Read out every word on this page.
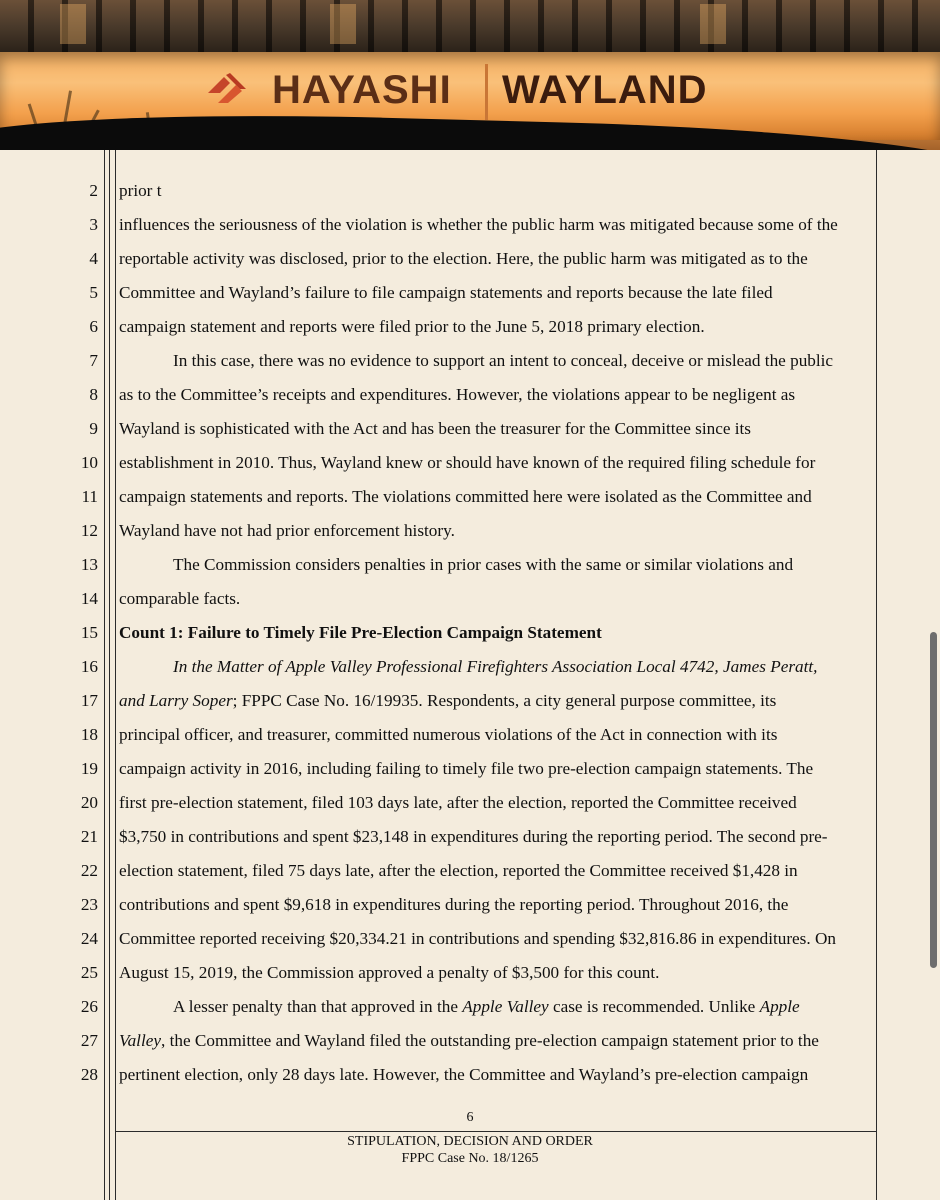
HAYASHI WAYLAND
2 prior t
3 influences the seriousness of the violation is whether the public harm was mitigated because some of the
4 reportable activity was disclosed, prior to the election. Here, the public harm was mitigated as to the
5 Committee and Wayland’s failure to file campaign statements and reports because the late filed
6 campaign statement and reports were filed prior to the June 5, 2018 primary election.
7	In this case, there was no evidence to support an intent to conceal, deceive or mislead the public
8 as to the Committee’s receipts and expenditures. However, the violations appear to be negligent as
9 Wayland is sophisticated with the Act and has been the treasurer for the Committee since its
10 establishment in 2010. Thus, Wayland knew or should have known of the required filing schedule for
11 campaign statements and reports. The violations committed here were isolated as the Committee and
12 Wayland have not had prior enforcement history.
13	The Commission considers penalties in prior cases with the same or similar violations and
14 comparable facts.
15 Count 1: Failure to Timely File Pre-Election Campaign Statement
16	In the Matter of Apple Valley Professional Firefighters Association Local 4742, James Peratt,
17 and Larry Soper; FPPC Case No. 16/19935. Respondents, a city general purpose committee, its
18 principal officer, and treasurer, committed numerous violations of the Act in connection with its
19 campaign activity in 2016, including failing to timely file two pre-election campaign statements. The
20 first pre-election statement, filed 103 days late, after the election, reported the Committee received
21 $3,750 in contributions and spent $23,148 in expenditures during the reporting period. The second pre-
22 election statement, filed 75 days late, after the election, reported the Committee received $1,428 in
23 contributions and spent $9,618 in expenditures during the reporting period. Throughout 2016, the
24 Committee reported receiving $20,334.21 in contributions and spending $32,816.86 in expenditures. On
25 August 15, 2019, the Commission approved a penalty of $3,500 for this count.
26	A lesser penalty than that approved in the Apple Valley case is recommended. Unlike Apple
27 Valley, the Committee and Wayland filed the outstanding pre-election campaign statement prior to the
28 pertinent election, only 28 days late. However, the Committee and Wayland’s pre-election campaign
6
STIPULATION, DECISION AND ORDER
FPPC Case No. 18/1265
